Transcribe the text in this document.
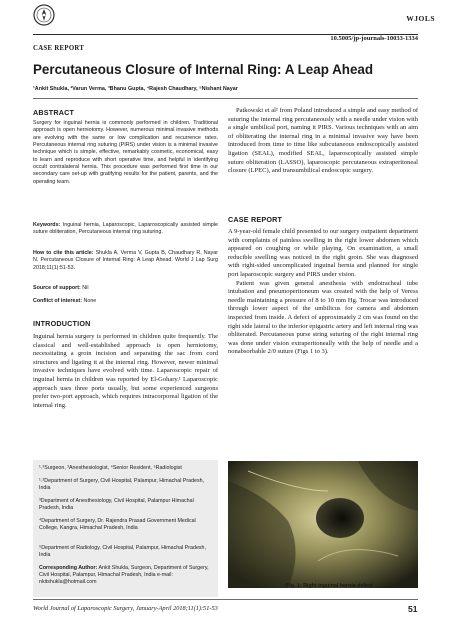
WJOLS
10.5005/jp-journals-10033-1334
CASE REPORT
Percutaneous Closure of Internal Ring: A Leap Ahead
¹Ankit Shukla, ²Varun Verma, ³Bhanu Gupta, ⁴Rajesh Chaudhary, ⁵Nishant Nayar
ABSTRACT
Surgery for inguinal hernia is commonly performed in children. Traditional approach is open herniotomy. However, numerous minimal invasive methods are evolving with the same or low complication and recurrence rates. Percutaneous internal ring suturing (PIRS) under vision is a minimal invasive technique which is simple, effective, remarkably cosmetic, economical, easy to learn and reproduce with short operative time, and helpful in identifying occult contralateral hernia. This procedure was performed first time in our secondary care set-up with gratifying results for the patient, parents, and the operating team.
Keywords: Inguinal hernia, Laparoscopic, Laparoscopically assisted simple suture obliteration, Percutaneous internal ring suturing.
How to cite this article: Shukla A, Verma V, Gupta B, Chaudhary R, Nayar N. Percutaneous Closure of Internal Ring: A Leap Ahead. World J Lap Surg 2018;11(1):51-53.
Source of support: Nil
Conflict of interest: None
INTRODUCTION
Inguinal hernia surgery is performed in children quite frequently. The classical and well-established approach is open herniotomy, necessitating a groin incision and separating the sac from cord structures and ligating it at the internal ring. However, newer minimal invasive techniques have evolved with time. Laparoscopic repair of inguinal hernia in children was reported by El-Gohary.¹ Laparoscopic approach uses three ports usually, but some experienced surgeons prefer two-port approach, which requires intracorporeal ligation of the internal ring.
¹˒²Surgeon, ³Anesthesiologist, ⁴Senior Resident, ⁵Radiologist
¹˒²Department of Surgery, Civil Hospital, Palampur, Himachal Pradesh, India
³Department of Anesthesiology, Civil Hospital, Palampur Himachal Pradesh, India
⁴Department of Surgery, Dr. Rajendra Prasad Government Medical College, Kangra, Himachal Pradesh, India
⁵Department of Radiology, Civil Hospital, Palampur, Himachal Pradesh, India
Corresponding Author: Ankit Shukla, Surgeon, Department of Surgery, Civil Hospital, Palampur, Himachal Pradesh, India e-mail: nkitshukla@hotmail.com
Patkowski et al² from Poland introduced a simple and easy method of suturing the internal ring percutaneously with a needle under vision with a single umbilical port, naming it PIRS. Various techniques with an aim of obliterating the internal ring in a minimal invasive way have been introduced from time to time like subcutaneous endoscopically assisted ligation (SEAL), modified SEAL, laparoscopically assisted simple suture obliteration (LASSO), laparoscopic percutaneous extraperitoneal closure (LPEC), and transumbilical endoscopic surgery.
CASE REPORT
A 9-year-old female child presented to our surgery outpatient department with complaints of painless swelling in the right lower abdomen which appeared on coughing or while playing. On examination, a small reducible swelling was noticed in the right groin. She was diagnosed with right-sided uncomplicated inguinal hernia and planned for single port laparoscopic surgery and PIRS under vision.
Patient was given general anesthesia with endotracheal tube intubation and pneumoperitoneum was created with the help of Veress needle maintaining a pressure of 8 to 10 mm Hg. Trocar was introduced through lower aspect of the umbilicus for camera and abdomen inspected from inside. A defect of approximately 2 cm was found on the right side lateral to the inferior epigastric artery and left internal ring was obliterated. Percutaneous purse string suturing of the right internal ring was done under vision extraperitoneally with the help of needle and a nonabsorbable 2/0 suture (Figs 1 to 3).
Fig. 1: Right inguinal hernia defect
World Journal of Laparoscopic Surgery, January-April 2018;11(1):51-53	51
